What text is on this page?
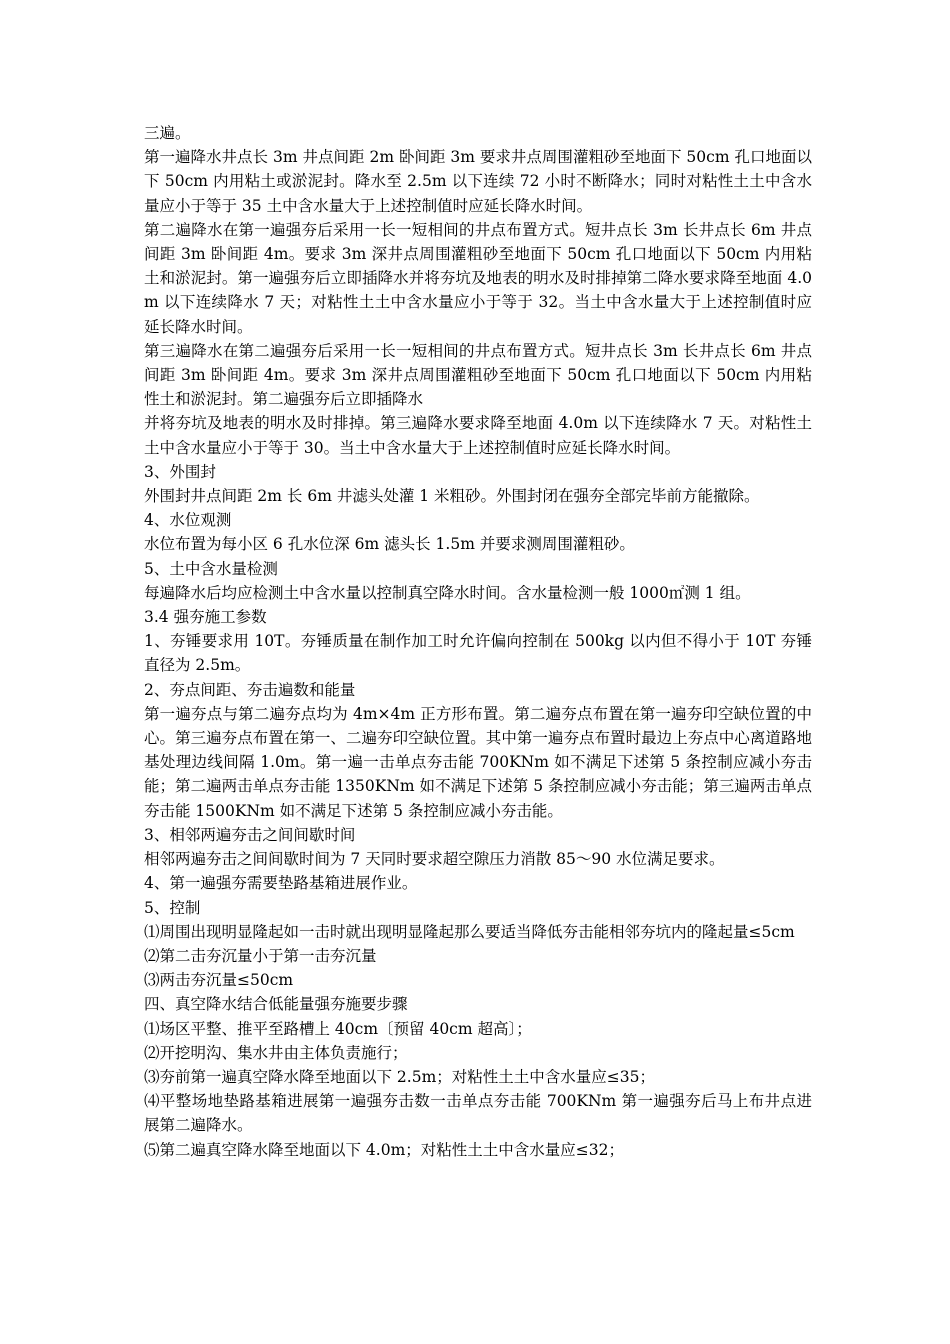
三遍。

第一遍降水井点长 3m 井点间距 2m 卧间距 3m 要求井点周围灌粗砂至地面下 50cm 孔口地面以下 50cm 内用粘土或淤泥封。降水至 2.5m 以下连续 72 小时不断降水；同时对粘性土土中含水量应小于等于 35 土中含水量大于上述控制值时应延长降水时间。

第二遍降水在第一遍强夯后采用一长一短相间的井点布置方式。短井点长 3m 长井点长 6m 井点间距 3m 卧间距 4m。要求 3m 深井点周围灌粗砂至地面下 50cm 孔口地面以下 50cm 内用粘土和淤泥封。第一遍强夯后立即插降水并将夯坑及地表的明水及时排掉第二降水要求降至地面 4.0m 以下连续降水 7 天；对粘性土土中含水量应小于等于 32。当土中含水量大于上述控制值时应延长降水时间。

第三遍降水在第二遍强夯后采用一长一短相间的井点布置方式。短井点长 3m 长井点长 6m 井点间距 3m 卧间距 4m。要求 3m 深井点周围灌粗砂至地面下 50cm 孔口地面以下 50cm 内用粘性土和淤泥封。第二遍强夯后立即插降水

并将夯坑及地表的明水及时排掉。第三遍降水要求降至地面 4.0m 以下连续降水 7 天。对粘性土土中含水量应小于等于 30。当土中含水量大于上述控制值时应延长降水时间。

3、外围封

外围封井点间距 2m 长 6m 井滤头处灌 1 米粗砂。外围封闭在强夯全部完毕前方能撤除。

4、水位观测

水位布置为每小区 6 孔水位深 6m 滤头长 1.5m 并要求测周围灌粗砂。

5、土中含水量检测

每遍降水后均应检测土中含水量以控制真空降水时间。含水量检测一般 1000㎡测 1 组。

3.4 强夯施工参数

1、夯锤要求用 10T。夯锤质量在制作加工时允许偏向控制在 500kg 以内但不得小于 10T 夯锤直径为 2.5m。

2、夯点间距、夯击遍数和能量

第一遍夯点与第二遍夯点均为 4m×4m 正方形布置。第二遍夯点布置在第一遍夯印空缺位置的中心。第三遍夯点布置在第一、二遍夯印空缺位置。其中第一遍夯点布置时最边上夯点中心离道路地基处理边线间隔 1.0m。第一遍一击单点夯击能 700KNm 如不满足下述第 5 条控制应减小夯击能；第二遍两击单点夯击能 1350KNm 如不满足下述第 5 条控制应减小夯击能；第三遍两击单点夯击能 1500KNm 如不满足下述第 5 条控制应减小夯击能。

3、相邻两遍夯击之间间歇时间

相邻两遍夯击之间间歇时间为 7 天同时要求超空隙压力消散 85～90 水位满足要求。

4、第一遍强夯需要垫路基箱进展作业。

5、控制

⑴周围出现明显隆起如一击时就出现明显隆起那么要适当降低夯击能相邻夯坑内的隆起量≤5cm

⑵第二击夯沉量小于第一击夯沉量

⑶两击夯沉量≤50cm

四、真空降水结合低能量强夯施要步骤

⑴场区平整、推平至路槽上 40cm〔预留 40cm 超高〕；

⑵开挖明沟、集水井由主体负责施行；

⑶夯前第一遍真空降水降至地面以下 2.5m；对粘性土土中含水量应≤35；

⑷平整场地垫路基箱进展第一遍强夯击数一击单点夯击能 700KNm 第一遍强夯后马上布井点进展第二遍降水。

⑸第二遍真空降水降至地面以下 4.0m；对粘性土土中含水量应≤32；
